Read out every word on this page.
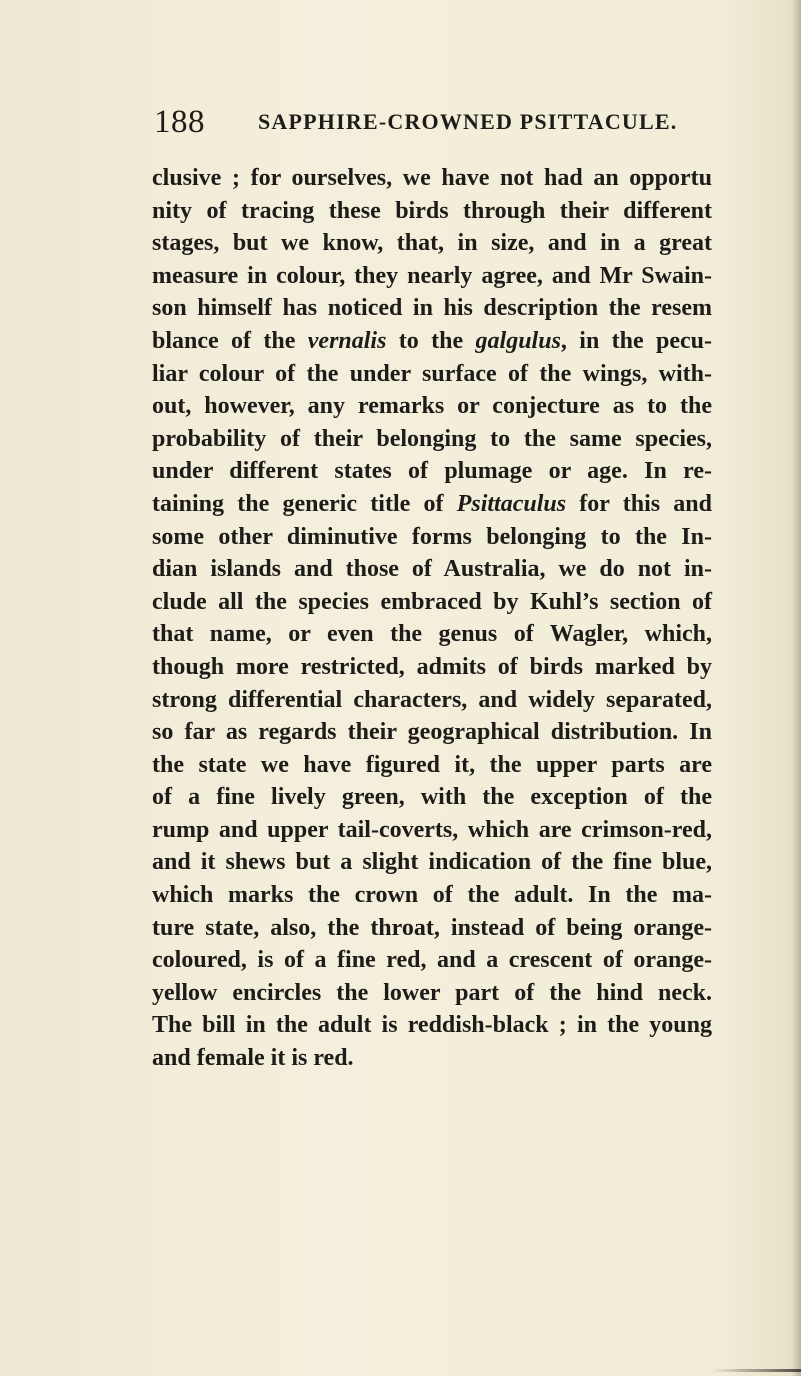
188 SAPPHIRE-CROWNED PSITTACULE.
clusive ; for ourselves, we have not had an opportu
nity of tracing these birds through their different
stages, but we know, that, in size, and in a great
measure in colour, they nearly agree, and Mr Swain-
son himself has noticed in his description the resem
blance of the vernalis to the galgulus, in the pecu-
liar colour of the under surface of the wings, with-
out, however, any remarks or conjecture as to the
probability of their belonging to the same species,
under different states of plumage or age. In re-
taining the generic title of Psittaculus for this and
some other diminutive forms belonging to the In-
dian islands and those of Australia, we do not in-
clude all the species embraced by Kuhl’s section of
that name, or even the genus of Wagler, which,
though more restricted, admits of birds marked by
strong differential characters, and widely separated,
so far as regards their geographical distribution. In
the state we have figured it, the upper parts are
of a fine lively green, with the exception of the
rump and upper tail-coverts, which are crimson-red,
and it shews but a slight indication of the fine blue,
which marks the crown of the adult. In the ma-
ture state, also, the throat, instead of being orange-
coloured, is of a fine red, and a crescent of orange-
yellow encircles the lower part of the hind neck.
The bill in the adult is reddish-black ; in the young
and female it is red.
